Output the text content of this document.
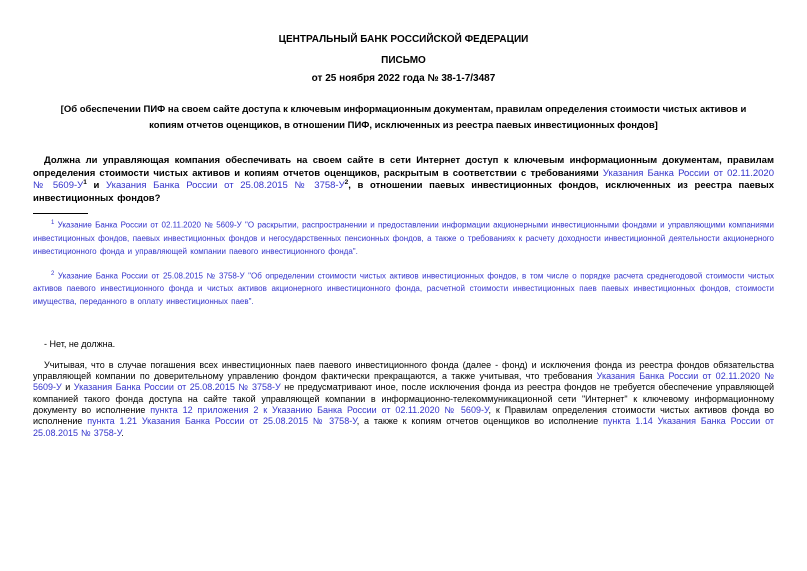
ЦЕНТРАЛЬНЫЙ БАНК РОССИЙСКОЙ ФЕДЕРАЦИИ
ПИСЬМО
от 25 ноября 2022 года № 38-1-7/3487
[Об обеспечении ПИФ на своем сайте доступа к ключевым информационным документам, правилам определения стоимости чистых активов и копиям отчетов оценщиков, в отношении ПИФ, исключенных из реестра паевых инвестиционных фондов]

Должна ли управляющая компания обеспечивать на своем сайте в сети Интернет доступ к ключевым информационным документам, правилам определения стоимости чистых активов и копиям отчетов оценщиков, раскрытым в соответствии с требованиями Указания Банка России от 02.11.2020 № 5609-У$^1$ и Указания Банка России от 25.08.2015 № 3758-У$^2$, в отношении паевых инвестиционных фондов, исключенных из реестра паевых инвестиционных фондов?

$^1$ Указание Банка России от 02.11.2020 № 5609-У "О раскрытии, распространении и предоставлении информации акционерными инвестиционными фондами и управляющими компаниями инвестиционных фондов, паевых инвестиционных фондов и негосударственных пенсионных фондов, а также о требованиях к расчету доходности инвестиционной деятельности акционерного инвестиционного фонда и управляющей компании паевого инвестиционного фонда".

$^2$ Указание Банка России от 25.08.2015 № 3758-У "Об определении стоимости чистых активов инвестиционных фондов, в том числе о порядке расчета среднегодовой стоимости чистых активов паевого инвестиционного фонда и чистых активов акционерного инвестиционного фонда, расчетной стоимости инвестиционных паев паевых инвестиционных фондов, стоимости имущества, переданного в оплату инвестиционных паев".

- Нет, не должна.

Учитывая, что в случае погашения всех инвестиционных паев паевого инвестиционного фонда (далее - фонд) и исключения фонда из реестра фондов обязательства управляющей компании по доверительному управлению фондом фактически прекращаются, а также учитывая, что требования Указания Банка России от 02.11.2020 № 5609-У и Указания Банка России от 25.08.2015 № 3758-У не предусматривают иное, после исключения фонда из реестра фондов не требуется обеспечение управляющей компанией такого фонда доступа на сайте такой управляющей компании в информационно-телекоммуникационной сети "Интернет" к ключевому информационному документу во исполнение пункта 12 приложения 2 к Указанию Банка России от 02.11.2020 № 5609-У, к Правилам определения стоимости чистых активов фонда во исполнение пункта 1.21 Указания Банка России от 25.08.2015 № 3758-У, а также к копиям отчетов оценщиков во исполнение пункта 1.14 Указания Банка России от 25.08.2015 № 3758-У.
